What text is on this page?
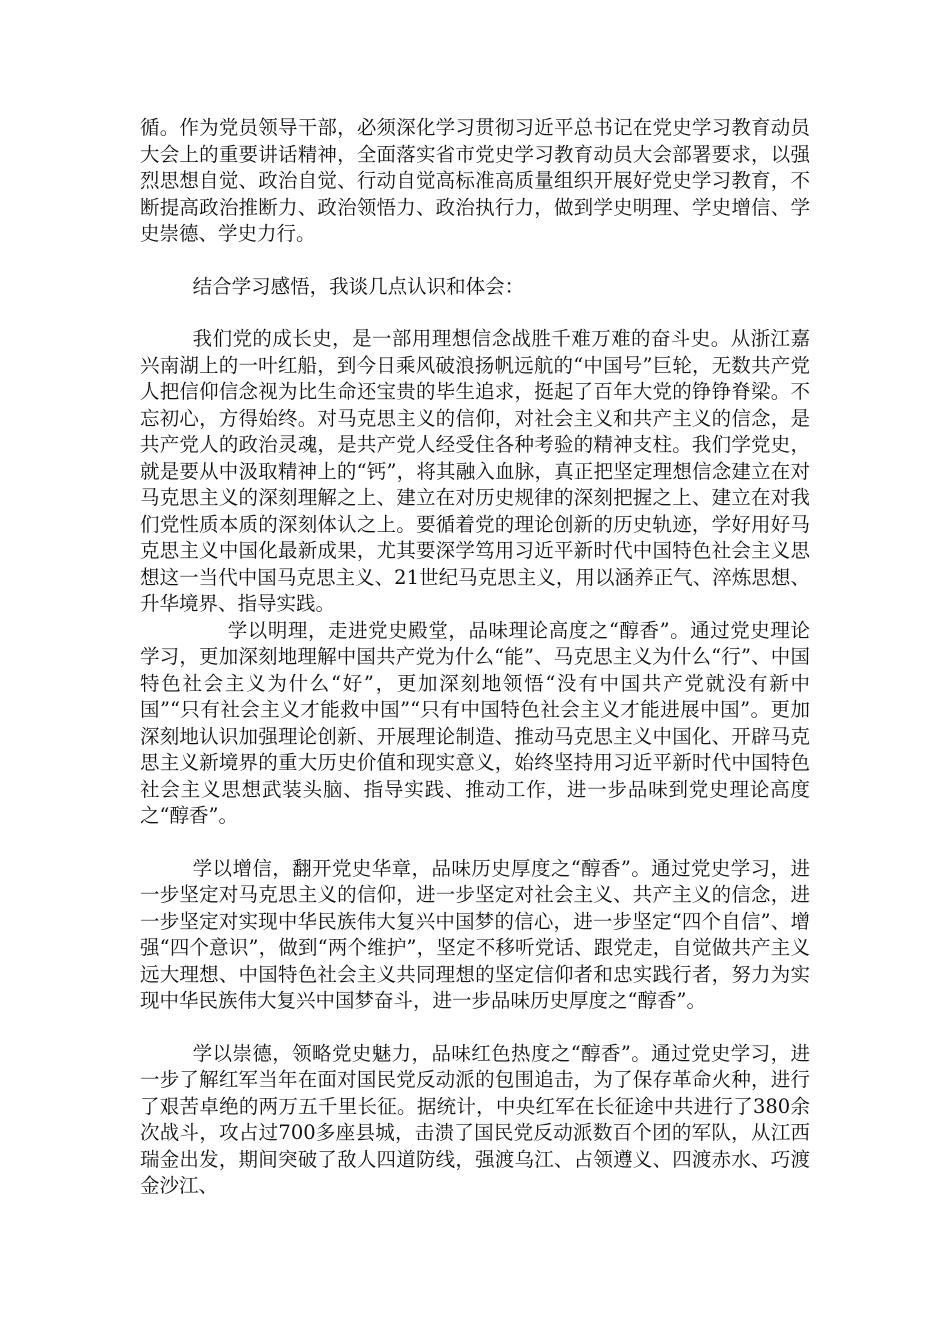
循。作为党员领导干部，必须深化学习贯彻习近平总书记在党史学习教育动员大会上的重要讲话精神，全面落实省市党史学习教育动员大会部署要求，以强烈思想自觉、政治自觉、行动自觉高标准高质量组织开展好党史学习教育，不断提高政治推断力、政治领悟力、政治执行力，做到学史明理、学史增信、学史崇德、学史力行。

结合学习感悟，我谈几点认识和体会：

我们党的成长史，是一部用理想信念战胜千难万难的奋斗史。从浙江嘉兴南湖上的一叶红船，到今日乘风破浪扬帆远航的“中国号”巨轮，无数共产党人把信仰信念视为比生命还宝贵的毕生追求，挺起了百年大党的铮铮脊梁。不忘初心，方得始终。对马克思主义的信仰，对社会主义和共产主义的信念，是共产党人的政治灵魂，是共产党人经受住各种考验的精神支柱。我们学党史，就是要从中汲取精神上的“钙”，将其融入血脉，真正把坚定理想信念建立在对马克思主义的深刻理解之上、建立在对历史规律的深刻把握之上、建立在对我们党性质本质的深刻体认之上。要循着党的理论创新的历史轨迹，学好用好马克思主义中国化最新成果，尤其要深学笃用习近平新时代中国特色社会主义思想这一当代中国马克思主义、21世纪马克思主义，用以涵养正气、淬炼思想、升华境界、指导实践。

学以明理，走进党史殿堂，品味理论高度之“醇香”。通过党史理论学习，更加深刻地理解中国共产党为什么“能”、马克思主义为什么“行”、中国特色社会主义为什么“好”，更加深刻地领悟“没有中国共产党就没有新中国”“只有社会主义才能救中国”“只有中国特色社会主义才能进展中国”。更加深刻地认识加强理论创新、开展理论制造、推动马克思主义中国化、开辟马克思主义新境界的重大历史价值和现实意义，始终坚持用习近平新时代中国特色社会主义思想武装头脑、指导实践、推动工作，进一步品味到党史理论高度之“醇香”。

学以增信，翻开党史华章，品味历史厚度之“醇香”。通过党史学习，进一步坚定对马克思主义的信仰，进一步坚定对社会主义、共产主义的信念，进一步坚定对实现中华民族伟大复兴中国梦的信心，进一步坚定“四个自信”、增强“四个意识”，做到“两个维护”，坚定不移听党话、跟党走，自觉做共产主义远大理想、中国特色社会主义共同理想的坚定信仰者和忠实践行者，努力为实现中华民族伟大复兴中国梦奋斗，进一步品味历史厚度之“醇香”。

学以崇德，领略党史魅力，品味红色热度之“醇香”。通过党史学习，进一步了解红军当年在面对国民党反动派的包围追击，为了保存革命火种，进行了艰苦卓绝的两万五千里长征。据统计，中央红军在长征途中共进行了380余次战斗，攻占过700多座县城，击溃了国民党反动派数百个团的军队，从江西瑞金出发，期间突破了敌人四道防线，强渡乌江、占领遵义、四渡赤水、巧渡金沙江、
